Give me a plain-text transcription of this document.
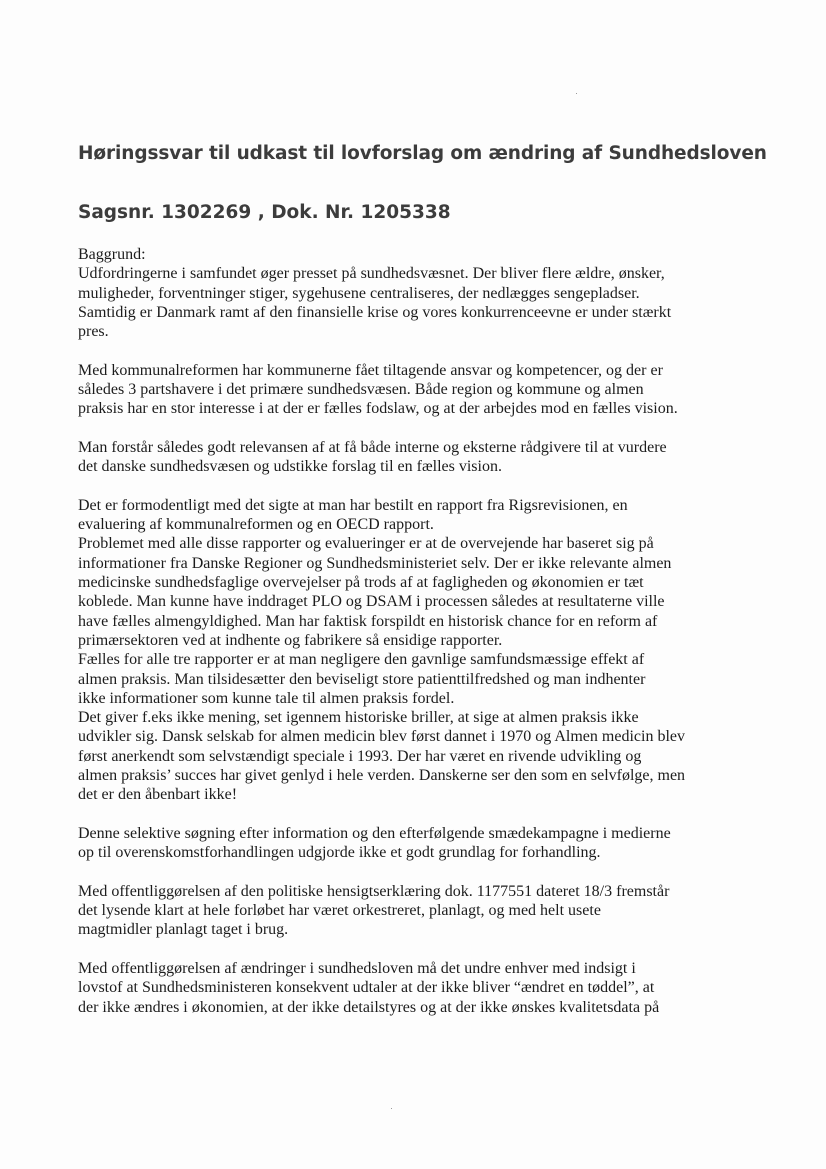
Høringssvar til udkast til lovforslag om ændring af Sundhedsloven
Sagsnr. 1302269 , Dok. Nr. 1205338

Baggrund:
Udfordringerne i samfundet øger presset på sundhedsvæsnet. Der bliver flere ældre, ønsker,
muligheder, forventninger stiger, sygehusene centraliseres, der nedlægges sengepladser.
Samtidig er Danmark ramt af den finansielle krise og vores konkurrenceevne er under stærkt
pres.

Med kommunalreformen har kommunerne fået tiltagende ansvar og kompetencer, og der er
således 3 partshavere i det primære sundhedsvæsen. Både region og kommune og almen
praksis har en stor interesse i at der er fælles fodslaw, og at der arbejdes mod en fælles vision.

Man forstår således godt relevansen af at få både interne og eksterne rådgivere til at vurdere
det danske sundhedsvæsen og udstikke forslag til en fælles vision.

Det er formodentligt med det sigte at man har bestilt en rapport fra Rigsrevisionen, en
evaluering af kommunalreformen og en OECD rapport.
Problemet med alle disse rapporter og evalueringer er at de overvejende har baseret sig på
informationer fra Danske Regioner og Sundhedsministeriet selv. Der er ikke relevante almen
medicinske sundhedsfaglige overvejelser på trods af at fagligheden og økonomien er tæt
koblede. Man kunne have inddraget PLO og DSAM i processen således at resultaterne ville
have fælles almengyldighed. Man har faktisk forspildt en historisk chance for en reform af
primærsektoren ved at indhente og fabrikere så ensidige rapporter.
Fælles for alle tre rapporter er at man negligere den gavnlige samfundsmæssige effekt af
almen praksis. Man tilsidesætter den beviseligt store patienttilfredshed og man indhenter
ikke informationer som kunne tale til almen praksis fordel.
Det giver f.eks ikke mening, set igennem historiske briller, at sige at almen praksis ikke
udvikler sig. Dansk selskab for almen medicin blev først dannet i 1970 og Almen medicin blev
først anerkendt som selvstændigt speciale i 1993. Der har været en rivende udvikling og
almen praksis’ succes har givet genlyd i hele verden. Danskerne ser den som en selvfølge, men
det er den åbenbart ikke!

Denne selektive søgning efter information og den efterfølgende smædekampagne i medierne
op til overenskomstforhandlingen udgjorde ikke et godt grundlag for forhandling.

Med offentliggørelsen af den politiske hensigtserklæring dok. 1177551 dateret 18/3 fremstår
det lysende klart at hele forløbet har været orkestreret, planlagt, og med helt usete
magtmidler planlagt taget i brug.

Med offentliggørelsen af ændringer i sundhedsloven må det undre enhver med indsigt i
lovstof at Sundhedsministeren konsekvent udtaler at der ikke bliver “ændret en tøddel”, at
der ikke ændres i økonomien, at der ikke detailstyres og at der ikke ønskes kvalitetsdata på
